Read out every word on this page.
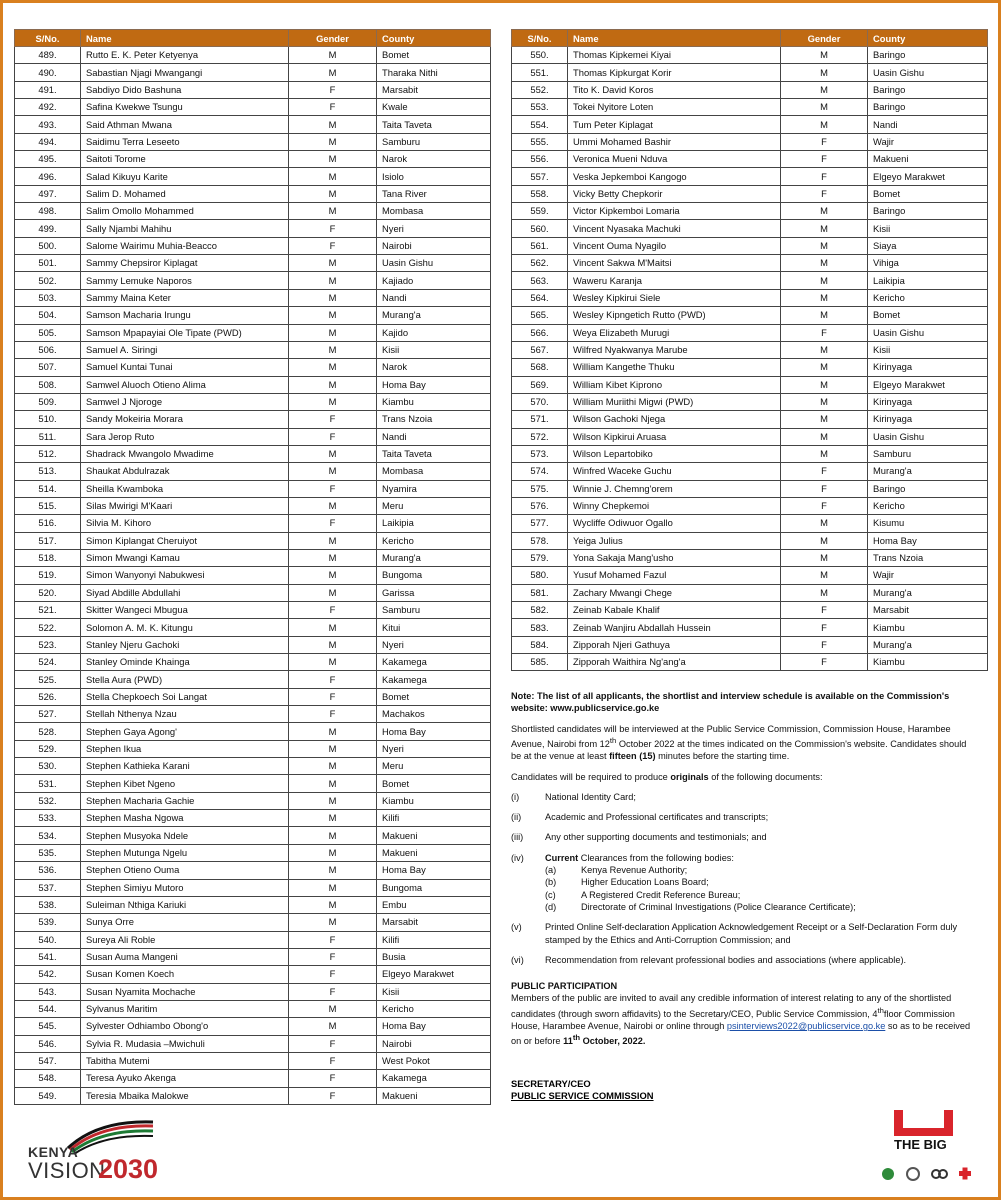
S/No.	Name	Gender	County
489.	Rutto E. K. Peter Ketyenya	M	Bomet
490.	Sabastian Njagi Mwangangi	M	Tharaka Nithi
491.	Sabdiyo Dido Bashuna	F	Marsabit
492.	Safina Kwekwe Tsungu	F	Kwale
493.	Said Athman Mwana	M	Taita Taveta
494.	Saidimu Terra Leseeto	M	Samburu
495.	Saitoti Torome	M	Narok
496.	Salad Kikuyu Karite	M	Isiolo
497.	Salim D. Mohamed	M	Tana River
498.	Salim Omollo Mohammed	M	Mombasa
499.	Sally Njambi Mahihu	F	Nyeri
500.	Salome Wairimu Muhia-Beacco	F	Nairobi
501.	Sammy Chepsiror Kiplagat	M	Uasin Gishu
502.	Sammy Lemuke Naporos	M	Kajiado
503.	Sammy Maina Keter	M	Nandi
504.	Samson Macharia Irungu	M	Murang'a
505.	Samson Mpapayiai Ole Tipate (PWD)	M	Kajido
506.	Samuel A. Siringi	M	Kisii
507.	Samuel Kuntai Tunai	M	Narok
508.	Samwel Aluoch Otieno Alima	M	Homa Bay
509.	Samwel J Njoroge	M	Kiambu
510.	Sandy Mokeiria Morara	F	Trans Nzoia
511.	Sara Jerop Ruto	F	Nandi
512.	Shadrack Mwangolo Mwadime	M	Taita Taveta
513.	Shaukat Abdulrazak	M	Mombasa
514.	Sheilla Kwamboka	F	Nyamira
515.	Silas Mwirigi M'Kaari	M	Meru
516.	Silvia M. Kihoro	F	Laikipia
517.	Simon Kiplangat Cheruiyot	M	Kericho
518.	Simon Mwangi Kamau	M	Murang'a
519.	Simon Wanyonyi Nabukwesi	M	Bungoma
520.	Siyad Abdille Abdullahi	M	Garissa
521.	Skitter Wangeci Mbugua	F	Samburu
522.	Solomon A. M. K. Kitungu	M	Kitui
523.	Stanley Njeru Gachoki	M	Nyeri
524.	Stanley Ominde Khainga	M	Kakamega
525.	Stella Aura (PWD)	F	Kakamega
526.	Stella Chepkoech Soi Langat	F	Bomet
527.	Stellah Nthenya Nzau	F	Machakos
528.	Stephen Gaya Agong'	M	Homa Bay
529.	Stephen Ikua	M	Nyeri
530.	Stephen Kathieka Karani	M	Meru
531.	Stephen Kibet Ngeno	M	Bomet
532.	Stephen Macharia Gachie	M	Kiambu
533.	Stephen Masha Ngowa	M	Kilifi
534.	Stephen Musyoka Ndele	M	Makueni
535.	Stephen Mutunga Ngelu	M	Makueni
536.	Stephen Otieno Ouma	M	Homa Bay
537.	Stephen Simiyu Mutoro	M	Bungoma
538.	Suleiman Nthiga Kariuki	M	Embu
539.	Sunya Orre	M	Marsabit
540.	Sureya Ali Roble	F	Kilifi
541.	Susan Auma Mangeni	F	Busia
542.	Susan Komen Koech	F	Elgeyo Marakwet
543.	Susan Nyamita Mochache	F	Kisii
544.	Sylvanus Maritim	M	Kericho
545.	Sylvester Odhiambo Obong'o	M	Homa Bay
546.	Sylvia R. Mudasia –Mwichuli	F	Nairobi
547.	Tabitha Mutemi	F	West Pokot
548.	Teresa Ayuko Akenga	F	Kakamega
549.	Teresia Mbaika Malokwe	F	Makueni
S/No.	Name	Gender	County
550.	Thomas Kipkemei Kiyai	M	Baringo
551.	Thomas Kipkurgat Korir	M	Uasin Gishu
552.	Tito K. David Koros	M	Baringo
553.	Tokei Nyitore Loten	M	Baringo
554.	Tum Peter Kiplagat	M	Nandi
555.	Ummi Mohamed Bashir	F	Wajir
556.	Veronica Mueni Nduva	F	Makueni
557.	Veska Jepkemboi Kangogo	F	Elgeyo Marakwet
558.	Vicky Betty Chepkorir	F	Bomet
559.	Victor Kipkemboi Lomaria	M	Baringo
560.	Vincent Nyasaka Machuki	M	Kisii
561.	Vincent Ouma Nyagilo	M	Siaya
562.	Vincent Sakwa M'Maitsi	M	Vihiga
563.	Waweru Karanja	M	Laikipia
564.	Wesley Kipkirui Siele	M	Kericho
565.	Wesley Kipngetich Rutto (PWD)	M	Bomet
566.	Weya Elizabeth Murugi	F	Uasin Gishu
567.	Wilfred Nyakwanya Marube	M	Kisii
568.	William Kangethe Thuku	M	Kirinyaga
569.	William Kibet Kiprono	M	Elgeyo Marakwet
570.	William Muriithi Migwi (PWD)	M	Kirinyaga
571.	Wilson Gachoki Njega	M	Kirinyaga
572.	Wilson Kipkirui Aruasa	M	Uasin Gishu
573.	Wilson Lepartobiko	M	Samburu
574.	Winfred Waceke Guchu	F	Murang'a
575.	Winnie J. Chemng'orem	F	Baringo
576.	Winny Chepkemoi	F	Kericho
577.	Wycliffe Odiwuor Ogallo	M	Kisumu
578.	Yeiga Julius	M	Homa Bay
579.	Yona Sakaja Mang'usho	M	Trans Nzoia
580.	Yusuf Mohamed Fazul	M	Wajir
581.	Zachary Mwangi Chege	M	Murang'a
582.	Zeinab Kabale Khalif	F	Marsabit
583.	Zeinab Wanjiru Abdallah Hussein	F	Kiambu
584.	Zipporah Njeri Gathuya	F	Murang'a
585.	Zipporah Waithira Ng'ang'a	F	Kiambu

Note: The list of all applicants, the shortlist and interview schedule is available on the Commission's website: www.publicservice.go.ke

Shortlisted candidates will be interviewed at the Public Service Commission, Commission House, Harambee Avenue, Nairobi from 12th October 2022 at the times indicated on the Commission's website. Candidates should be at the venue at least fifteen (15) minutes before the starting time.

Candidates will be required to produce originals of the following documents:

(i)	National Identity Card;
(ii)	Academic and Professional certificates and transcripts;
(iii)	Any other supporting documents and testimonials; and
(iv)	Current Clearances from the following bodies:
(a)	Kenya Revenue Authority;
(b)	Higher Education Loans Board;
(c)	A Registered Credit Reference Bureau;
(d)	Directorate of Criminal Investigations (Police Clearance Certificate);
(v)	Printed Online Self-declaration Application Acknowledgement Receipt or a Self-Declaration Form duly stamped by the Ethics and Anti-Corruption Commission; and
(vi)	Recommendation from relevant professional bodies and associations (where applicable).

PUBLIC PARTICIPATION

Members of the public are invited to avail any credible information of interest relating to any of the shortlisted candidates (through sworn affidavits) to the Secretary/CEO, Public Service Commission, 4thfloor Commission House, Harambee Avenue, Nairobi or online through psinterviews2022@publicservice.go.ke so as to be received on or before 11th October, 2022.

SECRETARY/CEO
PUBLIC SERVICE COMMISSION
KENYA
VISION
2030
THE BIG
